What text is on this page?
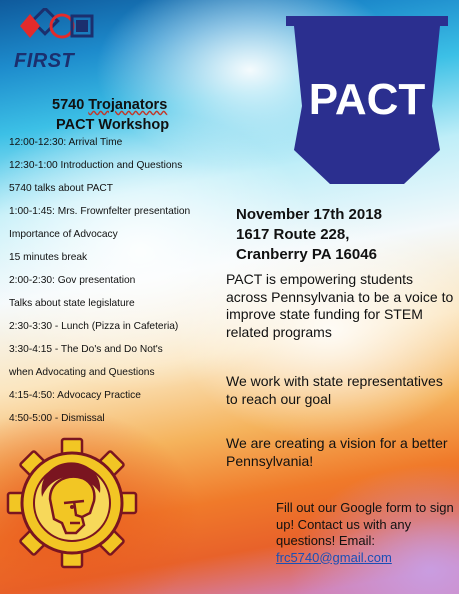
FIRST
PACT
5740 Trojanators
PACT Workshop
12:00-12:30: Arrival Time
12:30-1:00 Introduction and Questions
5740 talks about PACT
1:00-1:45: Mrs. Frownfelter presentation
Importance of Advocacy
15 minutes break
2:00-2:30: Gov presentation
Talks about state legislature
2:30-3:30 - Lunch (Pizza in Cafeteria)
3:30-4:15 - The Do's and Do Not's
when Advocating and Questions
4:15-4:50: Advocacy Practice
4:50-5:00 - Dismissal
November 17th 2018
1617 Route 228,
Cranberry PA 16046
PACT is empowering students across Pennsylvania to be a voice to improve state funding for STEM related programs
We work with state representatives to reach our goal
We are creating a vision for a better Pennsylvania!
Fill out our Google form to sign up! Contact us with any questions! Email: frc5740@gmail.com
